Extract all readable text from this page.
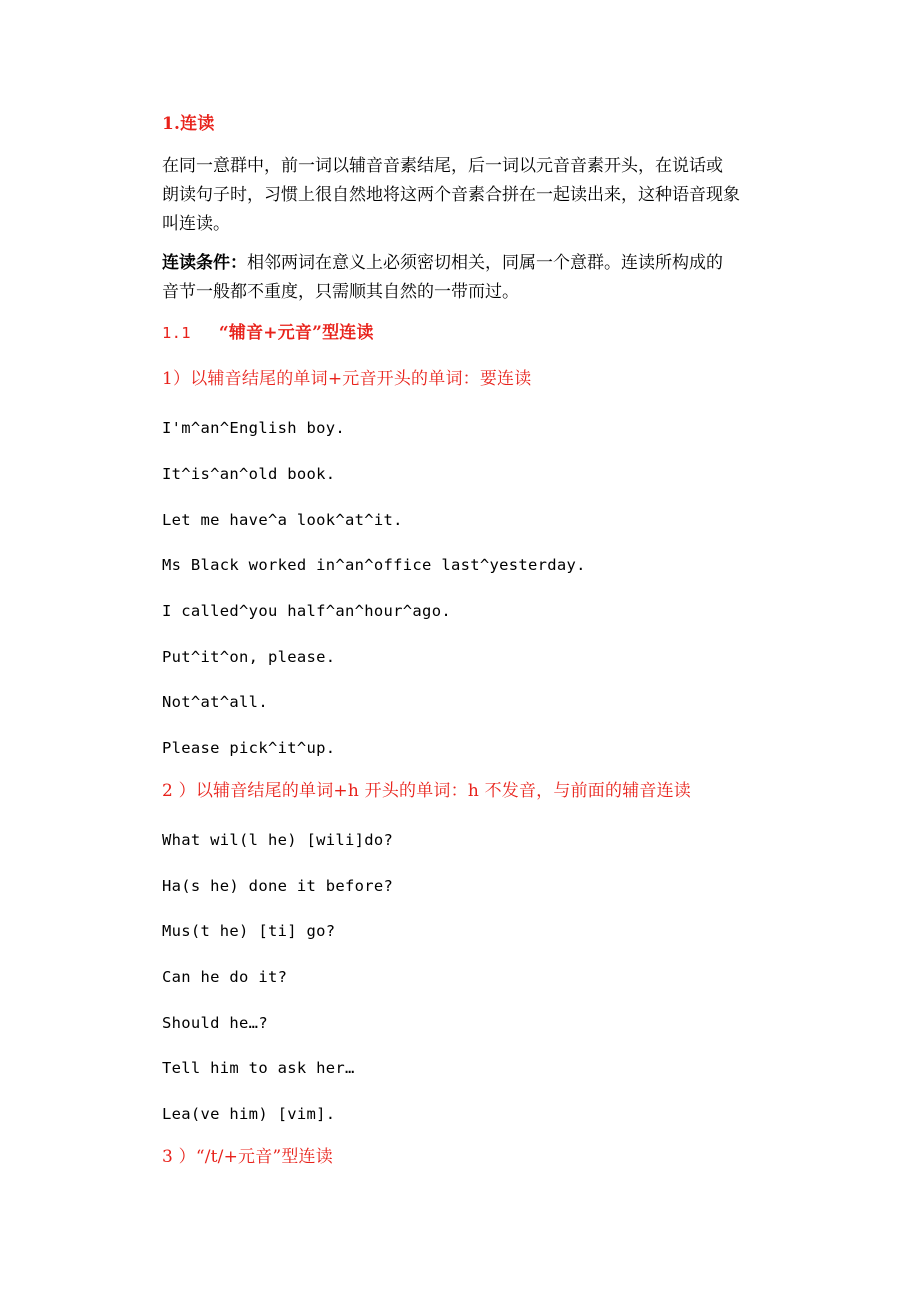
1.连读
在同一意群中，前一词以辅音音素结尾，后一词以元音音素开头，在说话或
朗读句子时，习惯上很自然地将这两个音素合拼在一起读出来，这种语音现象
叫连读。
连读条件：相邻两词在意义上必须密切相关，同属一个意群。连读所构成的
音节一般都不重度，只需顺其自然的一带而过。
1.1 “辅音+元音”型连读
1）以辅音结尾的单词+元音开头的单词：要连读
I'm^an^English boy.
It^is^an^old book.
Let me have^a look^at^it.
Ms Black worked in^an^office last^yesterday.
I called^you half^an^hour^ago.
Put^it^on, please.
Not^at^all.
Please pick^it^up.
2 ）以辅音结尾的单词+h 开头的单词：h 不发音，与前面的辅音连读
What wil(l he) [wili]do?
Ha(s he) done it before?
Mus(t he) [ti] go?
Can he do it?
Should he…?
Tell him to ask her…
Lea(ve him) [vim].
3 ）“/t/+元音”型连读
